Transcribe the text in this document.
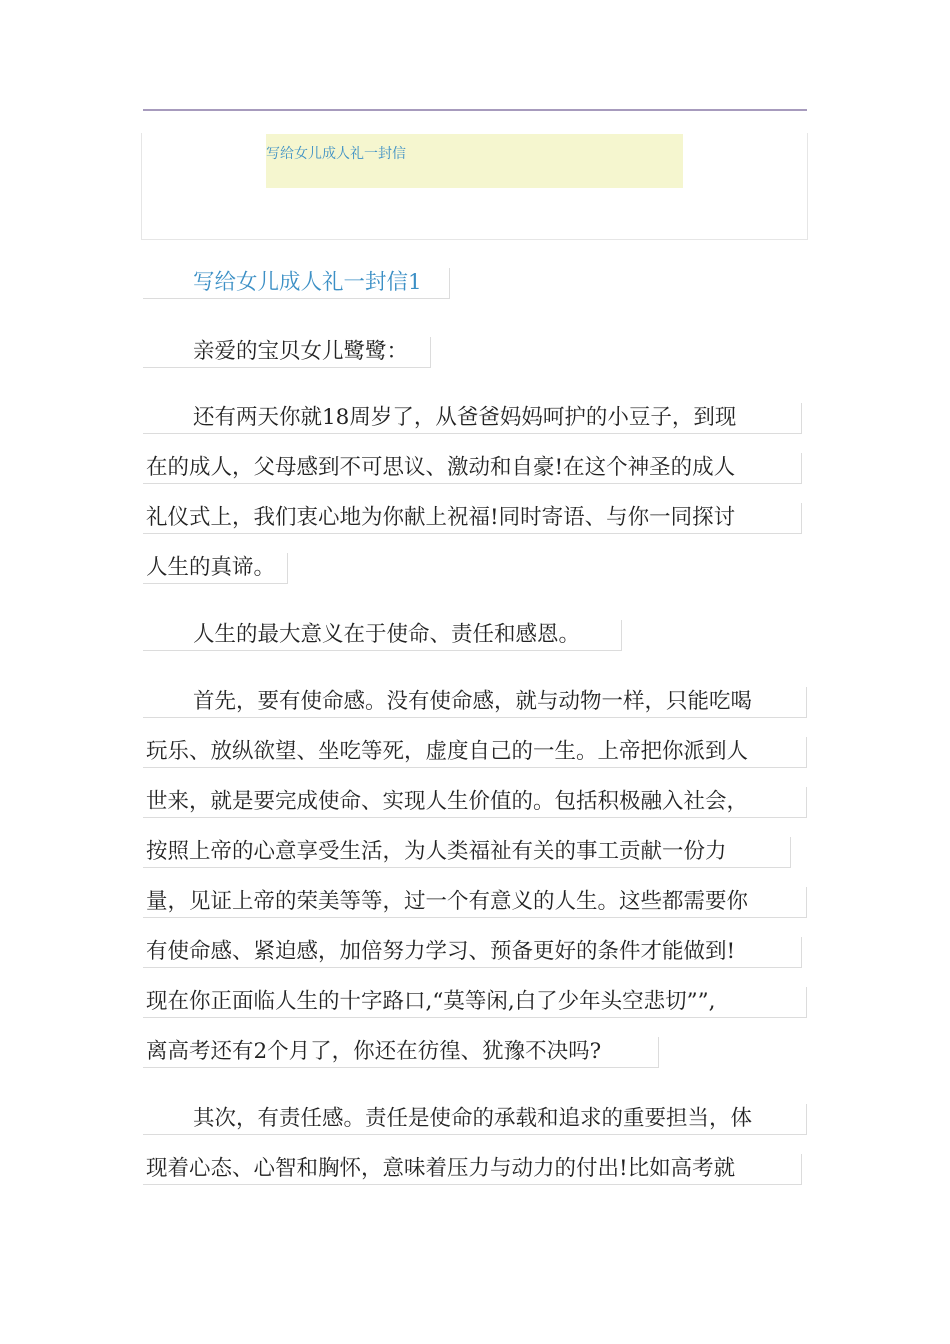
写给女儿成人礼一封信
写给女儿成人礼一封信1
亲爱的宝贝女儿鹭鹭：
还有两天你就18周岁了，从爸爸妈妈呵护的小豆子，到现
在的成人，父母感到不可思议、激动和自豪!在这个神圣的成人
礼仪式上，我们衷心地为你献上祝福!同时寄语、与你一同探讨
人生的真谛。
人生的最大意义在于使命、责任和感恩。
首先，要有使命感。没有使命感，就与动物一样，只能吃喝
玩乐、放纵欲望、坐吃等死，虚度自己的一生。上帝把你派到人
世来，就是要完成使命、实现人生价值的。包括积极融入社会，
按照上帝的心意享受生活，为人类福祉有关的事工贡献一份力
量，见证上帝的荣美等等，过一个有意义的人生。这些都需要你
有使命感、紧迫感，加倍努力学习、预备更好的条件才能做到!
现在你正面临人生的十字路口,“莫等闲,白了少年头空悲切””,
离高考还有2个月了，你还在彷徨、犹豫不决吗?
其次，有责任感。责任是使命的承载和追求的重要担当，体
现着心态、心智和胸怀，意味着压力与动力的付出!比如高考就
